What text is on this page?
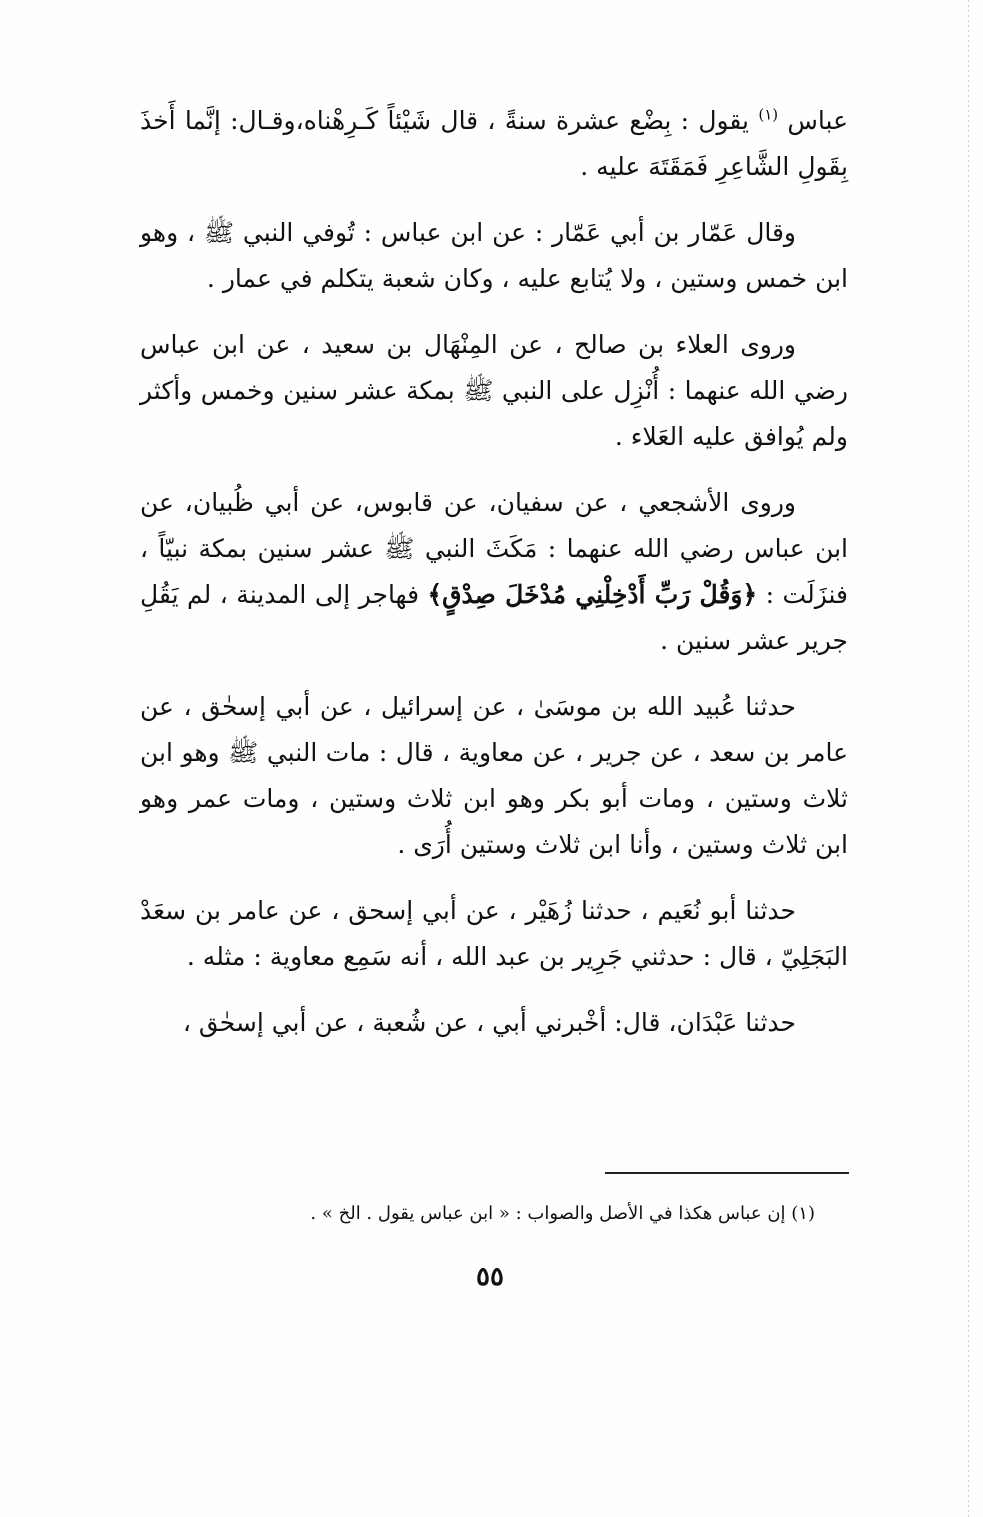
عباس $^{(١)}$ يقول : بِضْع عشرة سنةً ، قال شَيْئاً كَـرِهْناه،وقـال: إنَّما أَخذَ بِقَولِ الشَّاعِرِ فَمَقَتَهَ عليه .

وقال عَمّار بن أبي عَمّار : عن ابن عباس : تُوفي النبي ﷺ ، وهو ابن خمس وستين ، ولا يُتابع عليه ، وكان شعبة يتكلم في عمار .

وروى العلاء بن صالح ، عن المِنْهَال بن سعيد ، عن ابن عباس رضي الله عنهما : أُنْزِل على النبي ﷺ بمكة عشر سنين وخمس وأكثر ولم يُوافق عليه العَلاء .

وروى الأشجعي ، عن سفيان، عن قابوس، عن أبي ظُبيان، عن ابن عباس رضي الله عنهما : مَكَثَ النبي ﷺ عشر سنين بمكة نبيّاً ، فنزَلَت : ﴿وَقُلْ رَبِّ أَدْخِلْنِي مُدْخَلَ صِدْقٍ﴾ فهاجر إلى المدينة ، لم يَقُلِ جرير عشر سنين .

حدثنا عُبيد الله بن موسَىٰ ، عن إسرائيل ، عن أبي إسحٰق ، عن عامر بن سعد ، عن جرير ، عن معاوية ، قال : مات النبي ﷺ وهو ابن ثلاث وستين ، ومات أبو بكر وهو ابن ثلاث وستين ، ومات عمر وهو ابن ثلاث وستين ، وأنا ابن ثلاث وستين أُرَى .

حدثنا أبو نُعَيم ، حدثنا زُهَيْر ، عن أبي إسحق ، عن عامر بن سعَدْ البَجَلِيّ ، قال : حدثني جَرِير بن عبد الله ، أنه سَمِع معاوية : مثله .

حدثنا عَبْدَان، قال: أخْبرني أبي ، عن شُعبة ، عن أبي إسحٰق ،

(١) إن عباس هكذا في الأصل والصواب : « ابن عباس يقول . الخ » .
٥٥
